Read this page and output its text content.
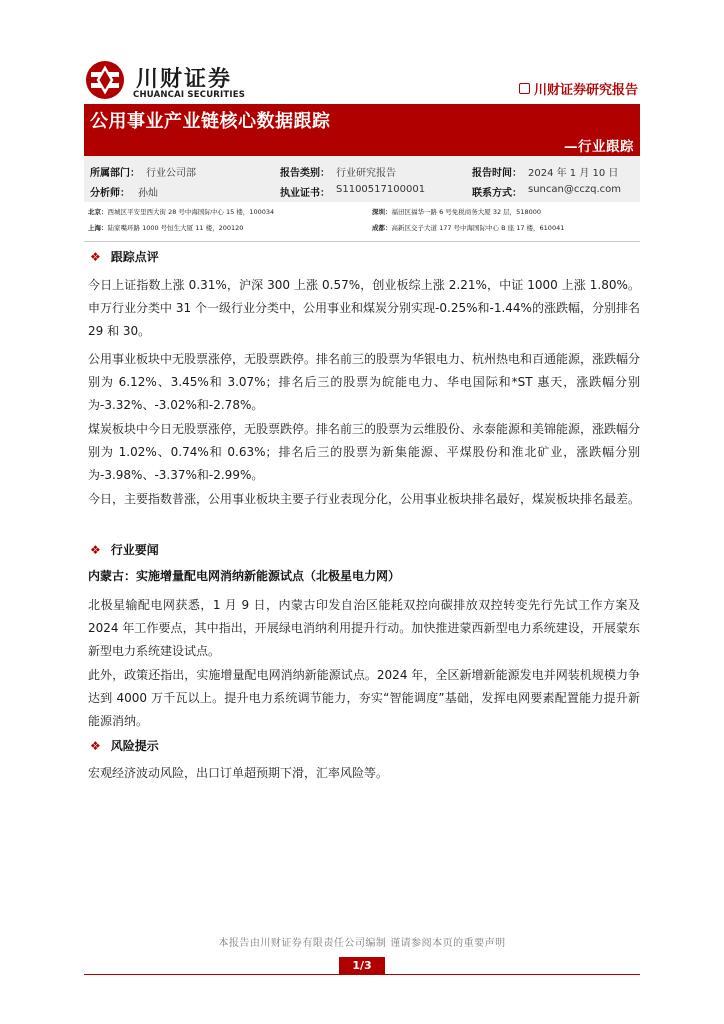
川财证券
CHUANCAI SECURITIES	川财证券研究报告
公用事业产业链核心数据跟踪
—行业跟踪
所属部门： 行业公司部	报告类别： 行业研究报告	报告时间： 2024 年 1 月 10 日
分析师： 孙灿	执业证书： S1100517100001	联系方式： suncan@cczq.com
北京：西城区平安里西大街 28 号中海国际中心 15 楼，100034	深圳：福田区福华一路 6 号免税商务大厦 32 层，518000
上海：陆家嘴环路 1000 号恒生大厦 11 楼，200120	成都：高新区交子大道 177 号中海国际中心 B 座 17 楼，610041
❖ 跟踪点评

今日上证指数上涨 0.31%，沪深 300 上涨 0.57%，创业板综上涨 2.21%，中证 1000 上涨 1.80%。申万行业分类中 31 个一级行业分类中，公用事业和煤炭分别实现-0.25%和-1.44%的涨跌幅，分别排名 29 和 30。

公用事业板块中无股票涨停，无股票跌停。排名前三的股票为华银电力、杭州热电和百通能源，涨跌幅分别为 6.12%、3.45%和 3.07%；排名后三的股票为皖能电力、华电国际和*ST 惠天，涨跌幅分别为-3.32%、-3.02%和-2.78%。

煤炭板块中今日无股票涨停，无股票跌停。排名前三的股票为云维股份、永泰能源和美锦能源，涨跌幅分别为 1.02%、0.74%和 0.63%；排名后三的股票为新集能源、平煤股份和淮北矿业，涨跌幅分别为-3.98%、-3.37%和-2.99%。

今日，主要指数普涨，公用事业板块主要子行业表现分化，公用事业板块排名最好，煤炭板块排名最差。

❖ 行业要闻
内蒙古：实施增量配电网消纳新能源试点（北极星电力网）

北极星输配电网获悉，1 月 9 日，内蒙古印发自治区能耗双控向碳排放双控转变先行先试工作方案及 2024 年工作要点，其中指出，开展绿电消纳利用提升行动。加快推进蒙西新型电力系统建设，开展蒙东新型电力系统建设试点。

此外，政策还指出，实施增量配电网消纳新能源试点。2024 年，全区新增新能源发电并网装机规模力争达到 4000 万千瓦以上。提升电力系统调节能力，夯实“智能调度”基础，发挥电网要素配置能力提升新能源消纳。

❖ 风险提示

宏观经济波动风险，出口订单超预期下滑，汇率风险等。

本报告由川财证券有限责任公司编制 谨请参阅本页的重要声明
1/3
